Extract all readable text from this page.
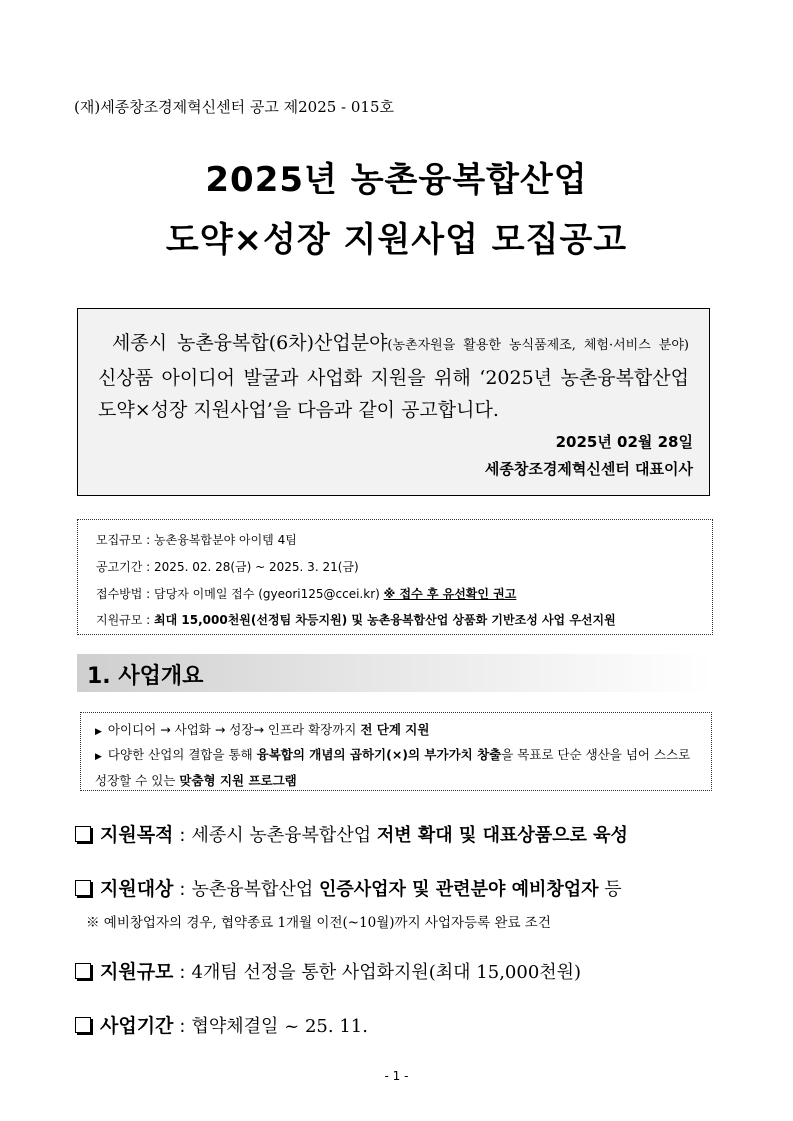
(재)세종창조경제혁신센터 공고 제2025 - 015호
2025년 농촌융복합산업
도약×성장 지원사업 모집공고
세종시 농촌융복합(6차)산업분야(농촌자원을 활용한 농식품제조, 체험·서비스 분야) 신상품 아이디어 발굴과 사업화 지원을 위해 ‘2025년 농촌융복합산업 도약×성장 지원사업’을 다음과 같이 공고합니다.
2025년 02월 28일
세종창조경제혁신센터 대표이사
모집규모 : 농촌융복합분야 아이템 4팀
공고기간 : 2025. 02. 28(금) ~ 2025. 3. 21(금)
접수방법 : 담당자 이메일 접수 (gyeori125@ccei.kr) ※ 접수 후 유선확인 권고
지원규모 : 최대 15,000천원(선정팀 차등지원) 및 농촌융복합산업 상품화 기반조성 사업 우선지원
1. 사업개요
▶ 아이디어 → 사업화 → 성장→ 인프라 확장까지 전 단계 지원
▶ 다양한 산업의 결합을 통해 융복합의 개념의 곱하기(×)의 부가가치 창출을 목표로 단순 생산을 넘어 스스로 성장할 수 있는 맞춤형 지원 프로그램
지원목적 : 세종시 농촌융복합산업 저변 확대 및 대표상품으로 육성
지원대상 : 농촌융복합산업 인증사업자 및 관련분야 예비창업자 등
※ 예비창업자의 경우, 협약종료 1개월 이전(~10월)까지 사업자등록 완료 조건
지원규모 : 4개팀 선정을 통한 사업화지원(최대 15,000천원)
사업기간 : 협약체결일 ~ 25. 11.
- 1 -
